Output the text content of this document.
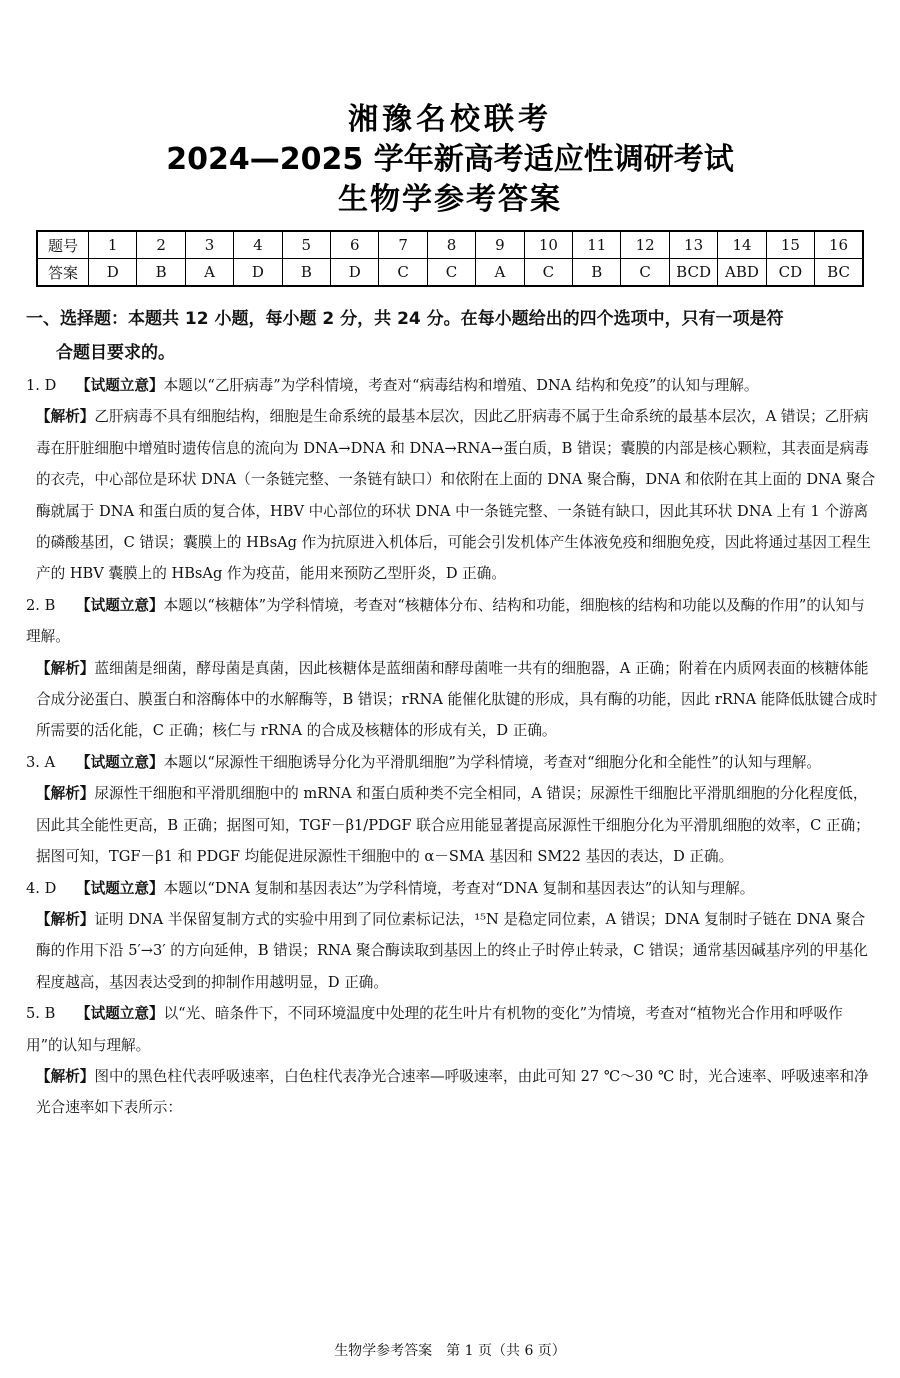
湘豫名校联考
2024—2025 学年新高考适应性调研考试
生物学参考答案
题号	1	2	3	4	5	6	7	8	9	10	11	12	13	14	15	16
答案	D	B	A	D	B	D	C	C	A	C	B	C	BCD	ABD	CD	BC
一、选择题：本题共 12 小题，每小题 2 分，共 24 分。在每小题给出的四个选项中，只有一项是符
合题目要求的。

1. D 【试题立意】本题以“乙肝病毒”为学科情境，考查对“病毒结构和增殖、DNA 结构和免疫”的认知与理解。

【解析】乙肝病毒不具有细胞结构，细胞是生命系统的最基本层次，因此乙肝病毒不属于生命系统的最基本层次，A 错误；乙肝病毒在肝脏细胞中增殖时遗传信息的流向为 DNA→DNA 和 DNA→RNA→蛋白质，B 错误；囊膜的内部是核心颗粒，其表面是病毒的衣壳，中心部位是环状 DNA（一条链完整、一条链有缺口）和依附在上面的 DNA 聚合酶，DNA 和依附在其上面的 DNA 聚合酶就属于 DNA 和蛋白质的复合体，HBV 中心部位的环状 DNA 中一条链完整、一条链有缺口，因此其环状 DNA 上有 1 个游离的磷酸基团，C 错误；囊膜上的 HBsAg 作为抗原进入机体后，可能会引发机体产生体液免疫和细胞免疫，因此将通过基因工程生产的 HBV 囊膜上的 HBsAg 作为疫苗，能用来预防乙型肝炎，D 正确。

2. B 【试题立意】本题以“核糖体”为学科情境，考查对“核糖体分布、结构和功能，细胞核的结构和功能以及酶的作用”的认知与理解。

【解析】蓝细菌是细菌，酵母菌是真菌，因此核糖体是蓝细菌和酵母菌唯一共有的细胞器，A 正确；附着在内质网表面的核糖体能合成分泌蛋白、膜蛋白和溶酶体中的水解酶等，B 错误；rRNA 能催化肽键的形成，具有酶的功能，因此 rRNA 能降低肽键合成时所需要的活化能，C 正确；核仁与 rRNA 的合成及核糖体的形成有关，D 正确。

3. A 【试题立意】本题以“尿源性干细胞诱导分化为平滑肌细胞”为学科情境，考查对“细胞分化和全能性”的认知与理解。

【解析】尿源性干细胞和平滑肌细胞中的 mRNA 和蛋白质种类不完全相同，A 错误；尿源性干细胞比平滑肌细胞的分化程度低，因此其全能性更高，B 正确；据图可知，TGF－β1/PDGF 联合应用能显著提高尿源性干细胞分化为平滑肌细胞的效率，C 正确；据图可知，TGF－β1 和 PDGF 均能促进尿源性干细胞中的 α－SMA 基因和 SM22 基因的表达，D 正确。

4. D 【试题立意】本题以“DNA 复制和基因表达”为学科情境，考查对“DNA 复制和基因表达”的认知与理解。

【解析】证明 DNA 半保留复制方式的实验中用到了同位素标记法，¹⁵N 是稳定同位素，A 错误；DNA 复制时子链在 DNA 聚合酶的作用下沿 5′→3′ 的方向延伸，B 错误；RNA 聚合酶读取到基因上的终止子时停止转录，C 错误；通常基因碱基序列的甲基化程度越高，基因表达受到的抑制作用越明显，D 正确。

5. B 【试题立意】以“光、暗条件下，不同环境温度中处理的花生叶片有机物的变化”为情境，考查对“植物光合作用和呼吸作用”的认知与理解。

【解析】图中的黑色柱代表呼吸速率，白色柱代表净光合速率—呼吸速率，由此可知 27 ℃～30 ℃ 时，光合速率、呼吸速率和净光合速率如下表所示：

生物学参考答案　第 1 页（共 6 页）
